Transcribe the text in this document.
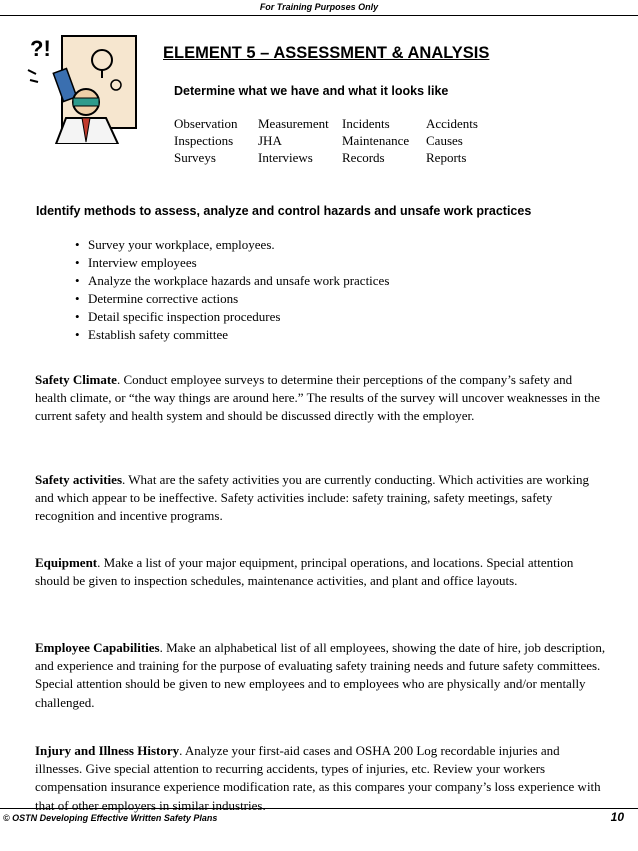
For Training Purposes Only
?!	ELEMENT 5 – ASSESSMENT & ANALYSIS
Determine what we have and what it looks like
Observation	Measurement	Incidents	Accidents
Inspections	JHA	Maintenance	Causes
Surveys	Interviews	Records	Reports
Identify methods to assess, analyze and control hazards and unsafe work practices
• Survey your workplace, employees.
• Interview employees
• Analyze the workplace hazards and unsafe work practices
• Determine corrective actions
• Detail specific inspection procedures
• Establish safety committee

Safety Climate. Conduct employee surveys to determine their perceptions of the company’s safety and health climate, or “the way things are around here.” The results of the survey will uncover weaknesses in the current safety and health system and should be discussed directly with the employer.

Safety activities. What are the safety activities you are currently conducting. Which activities are working and which appear to be ineffective. Safety activities include: safety training, safety meetings, safety recognition and incentive programs.

Equipment. Make a list of your major equipment, principal operations, and locations. Special attention should be given to inspection schedules, maintenance activities, and plant and office layouts.

Employee Capabilities. Make an alphabetical list of all employees, showing the date of hire, job description, and experience and training for the purpose of evaluating safety training needs and future safety committees. Special attention should be given to new employees and to employees who are physically and/or mentally challenged.

Injury and Illness History. Analyze your first-aid cases and OSHA 200 Log recordable injuries and illnesses. Give special attention to recurring accidents, types of injuries, etc. Review your workers compensation insurance experience modification rate, as this compares your company’s loss experience with that of other employers in similar industries.

© OSTN Developing Effective Written Safety Plans	10
